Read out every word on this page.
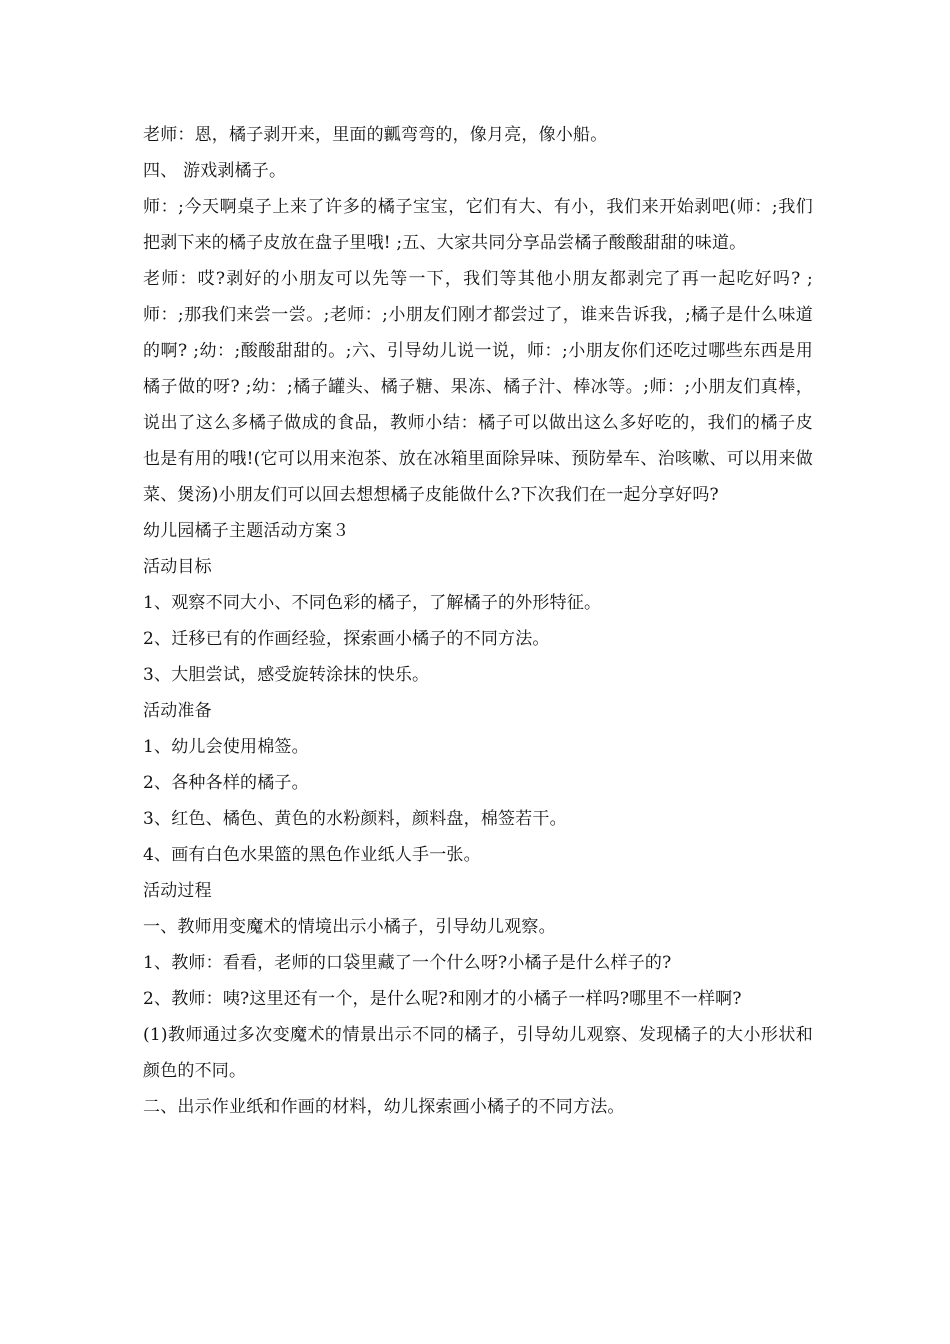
老师：恩，橘子剥开来，里面的瓤弯弯的，像月亮，像小船。

四、 游戏剥橘子。

师：;今天啊桌子上来了许多的橘子宝宝，它们有大、有小，我们来开始剥吧(师：;我们把剥下来的橘子皮放在盘子里哦! ;五、大家共同分享品尝橘子酸酸甜甜的味道。

老师：哎?剥好的小朋友可以先等一下，我们等其他小朋友都剥完了再一起吃好吗? ;师：;那我们来尝一尝。;老师：;小朋友们刚才都尝过了，谁来告诉我，;橘子是什么味道的啊? ;幼：;酸酸甜甜的。;六、引导幼儿说一说，师：;小朋友你们还吃过哪些东西是用橘子做的呀? ;幼：;橘子罐头、橘子糖、果冻、橘子汁、棒冰等。;师：;小朋友们真棒，说出了这么多橘子做成的食品，教师小结：橘子可以做出这么多好吃的，我们的橘子皮也是有用的哦!(它可以用来泡茶、放在冰箱里面除异味、预防晕车、治咳嗽、可以用来做菜、煲汤)小朋友们可以回去想想橘子皮能做什么?下次我们在一起分享好吗?

幼儿园橘子主题活动方案３

活动目标

1、观察不同大小、不同色彩的橘子，了解橘子的外形特征。

2、迁移已有的作画经验，探索画小橘子的不同方法。

3、大胆尝试，感受旋转涂抹的快乐。

活动准备

1、幼儿会使用棉签。

2、各种各样的橘子。

3、红色、橘色、黄色的水粉颜料，颜料盘，棉签若干。

4、画有白色水果篮的黑色作业纸人手一张。

活动过程

一、教师用变魔术的情境出示小橘子，引导幼儿观察。

1、教师：看看，老师的口袋里藏了一个什么呀?小橘子是什么样子的?

2、教师：咦?这里还有一个，是什么呢?和刚才的小橘子一样吗?哪里不一样啊?

(1)教师通过多次变魔术的情景出示不同的橘子，引导幼儿观察、发现橘子的大小形状和颜色的不同。

二、出示作业纸和作画的材料，幼儿探索画小橘子的不同方法。
